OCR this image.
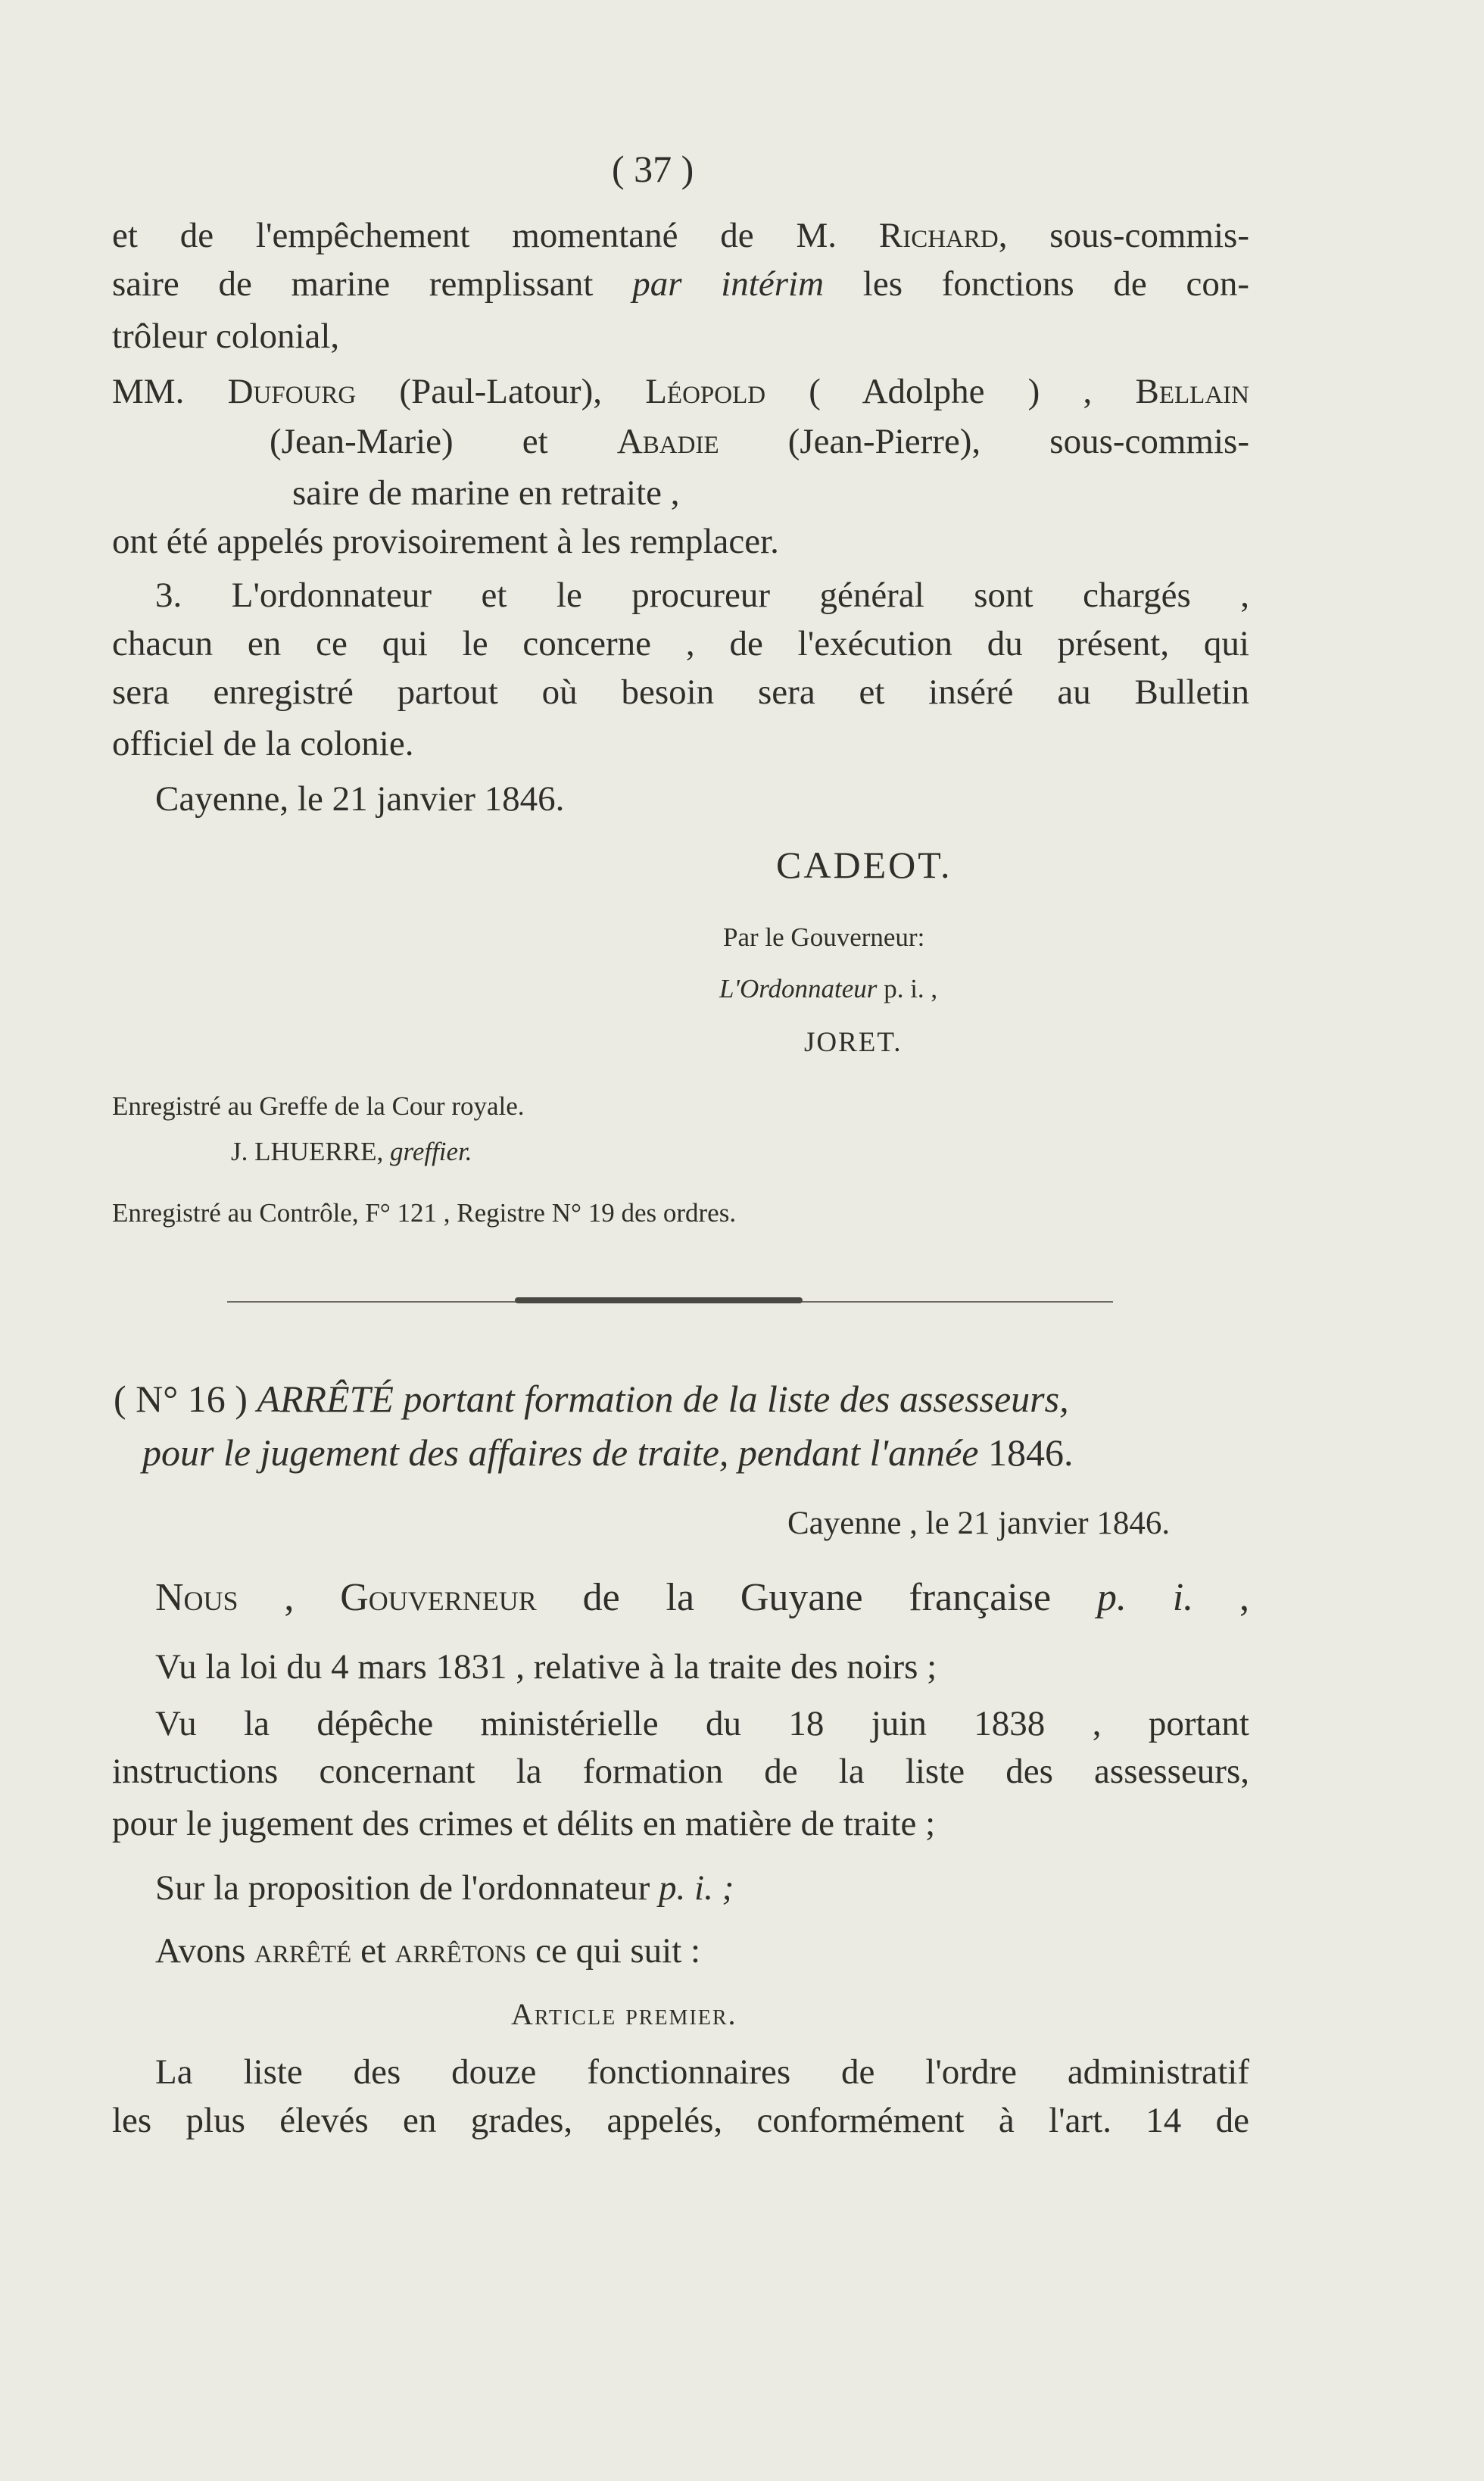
( 37 )
et de l'empêchement momentané de M. Richard, sous-commis-
saire de marine remplissant par intérim les fonctions de con-
trôleur colonial,
MM. Dufourg (Paul-Latour), Léopold ( Adolphe ) , Bellain
(Jean-Marie) et Abadie (Jean-Pierre), sous-commis-
saire de marine en retraite ,
ont été appelés provisoirement à les remplacer.
3. L'ordonnateur et le procureur général sont chargés ,
chacun en ce qui le concerne , de l'exécution du présent, qui
sera enregistré partout où besoin sera et inséré au Bulletin
officiel de la colonie.
Cayenne, le 21 janvier 1846.
CADEOT.
Par le Gouverneur:
L'Ordonnateur p. i. ,
JORET.
Enregistré au Greffe de la Cour royale.
J. LHUERRE, greffier.
Enregistré au Contrôle, F° 121 , Registre N° 19 des ordres.
( N° 16 ) ARRÊTÉ portant formation de la liste des assesseurs,
pour le jugement des affaires de traite, pendant l'année 1846.
Cayenne , le 21 janvier 1846.
Nous , Gouverneur de la Guyane française p. i. ,
Vu la loi du 4 mars 1831 , relative à la traite des noirs ;
Vu la dépêche ministérielle du 18 juin 1838 , portant
instructions concernant la formation de la liste des assesseurs,
pour le jugement des crimes et délits en matière de traite ;
Sur la proposition de l'ordonnateur p. i. ;
Avons arrêté et arrêtons ce qui suit :
Article premier.
La liste des douze fonctionnaires de l'ordre administratif
les plus élevés en grades, appelés, conformément à l'art. 14 de
